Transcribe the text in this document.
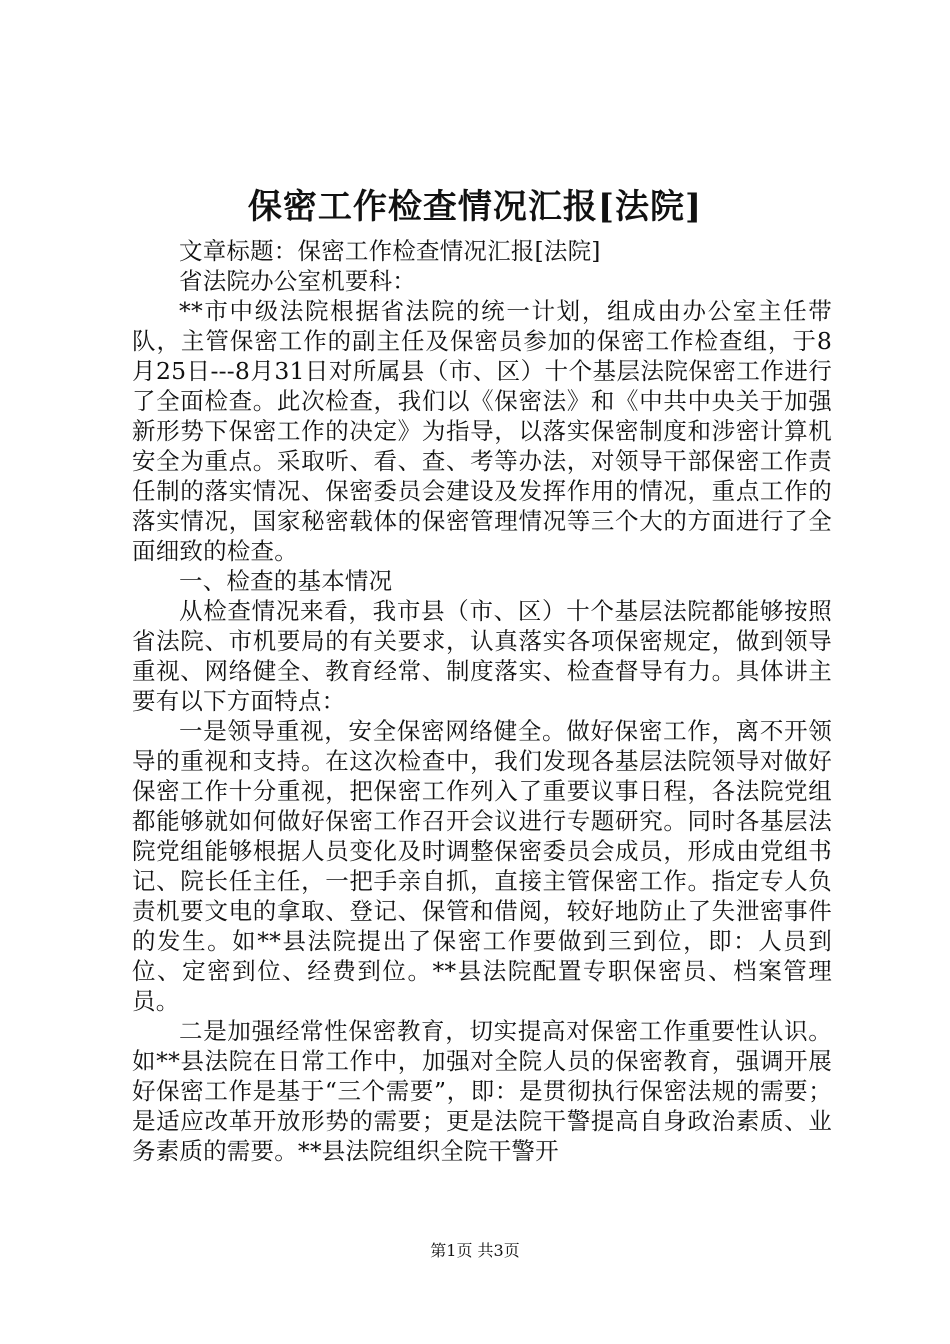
保密工作检查情况汇报[法院]

文章标题：保密工作检查情况汇报[法院]

省法院办公室机要科：

**市中级法院根据省法院的统一计划，组成由办公室主任带队，主管保密工作的副主任及保密员参加的保密工作检查组，于8月25日---8月31日对所属县（市、区）十个基层法院保密工作进行了全面检查。此次检查，我们以《保密法》和《中共中央关于加强新形势下保密工作的决定》为指导，以落实保密制度和涉密计算机安全为重点。采取听、看、查、考等办法，对领导干部保密工作责任制的落实情况、保密委员会建设及发挥作用的情况，重点工作的落实情况，国家秘密载体的保密管理情况等三个大的方面进行了全面细致的检查。

一、检查的基本情况

从检查情况来看，我市县（市、区）十个基层法院都能够按照省法院、市机要局的有关要求，认真落实各项保密规定，做到领导重视、网络健全、教育经常、制度落实、检查督导有力。具体讲主要有以下方面特点：

一是领导重视，安全保密网络健全。做好保密工作，离不开领导的重视和支持。在这次检查中，我们发现各基层法院领导对做好保密工作十分重视，把保密工作列入了重要议事日程，各法院党组都能够就如何做好保密工作召开会议进行专题研究。同时各基层法院党组能够根据人员变化及时调整保密委员会成员，形成由党组书记、院长任主任，一把手亲自抓，直接主管保密工作。指定专人负责机要文电的拿取、登记、保管和借阅，较好地防止了失泄密事件的发生。如**县法院提出了保密工作要做到三到位，即：人员到位、定密到位、经费到位。**县法院配置专职保密员、档案管理员。

二是加强经常性保密教育，切实提高对保密工作重要性认识。如**县法院在日常工作中，加强对全院人员的保密教育，强调开展好保密工作是基于“三个需要”，即：是贯彻执行保密法规的需要；是适应改革开放形势的需要；更是法院干警提高自身政治素质、业务素质的需要。**县法院组织全院干警开

第1页 共3页
